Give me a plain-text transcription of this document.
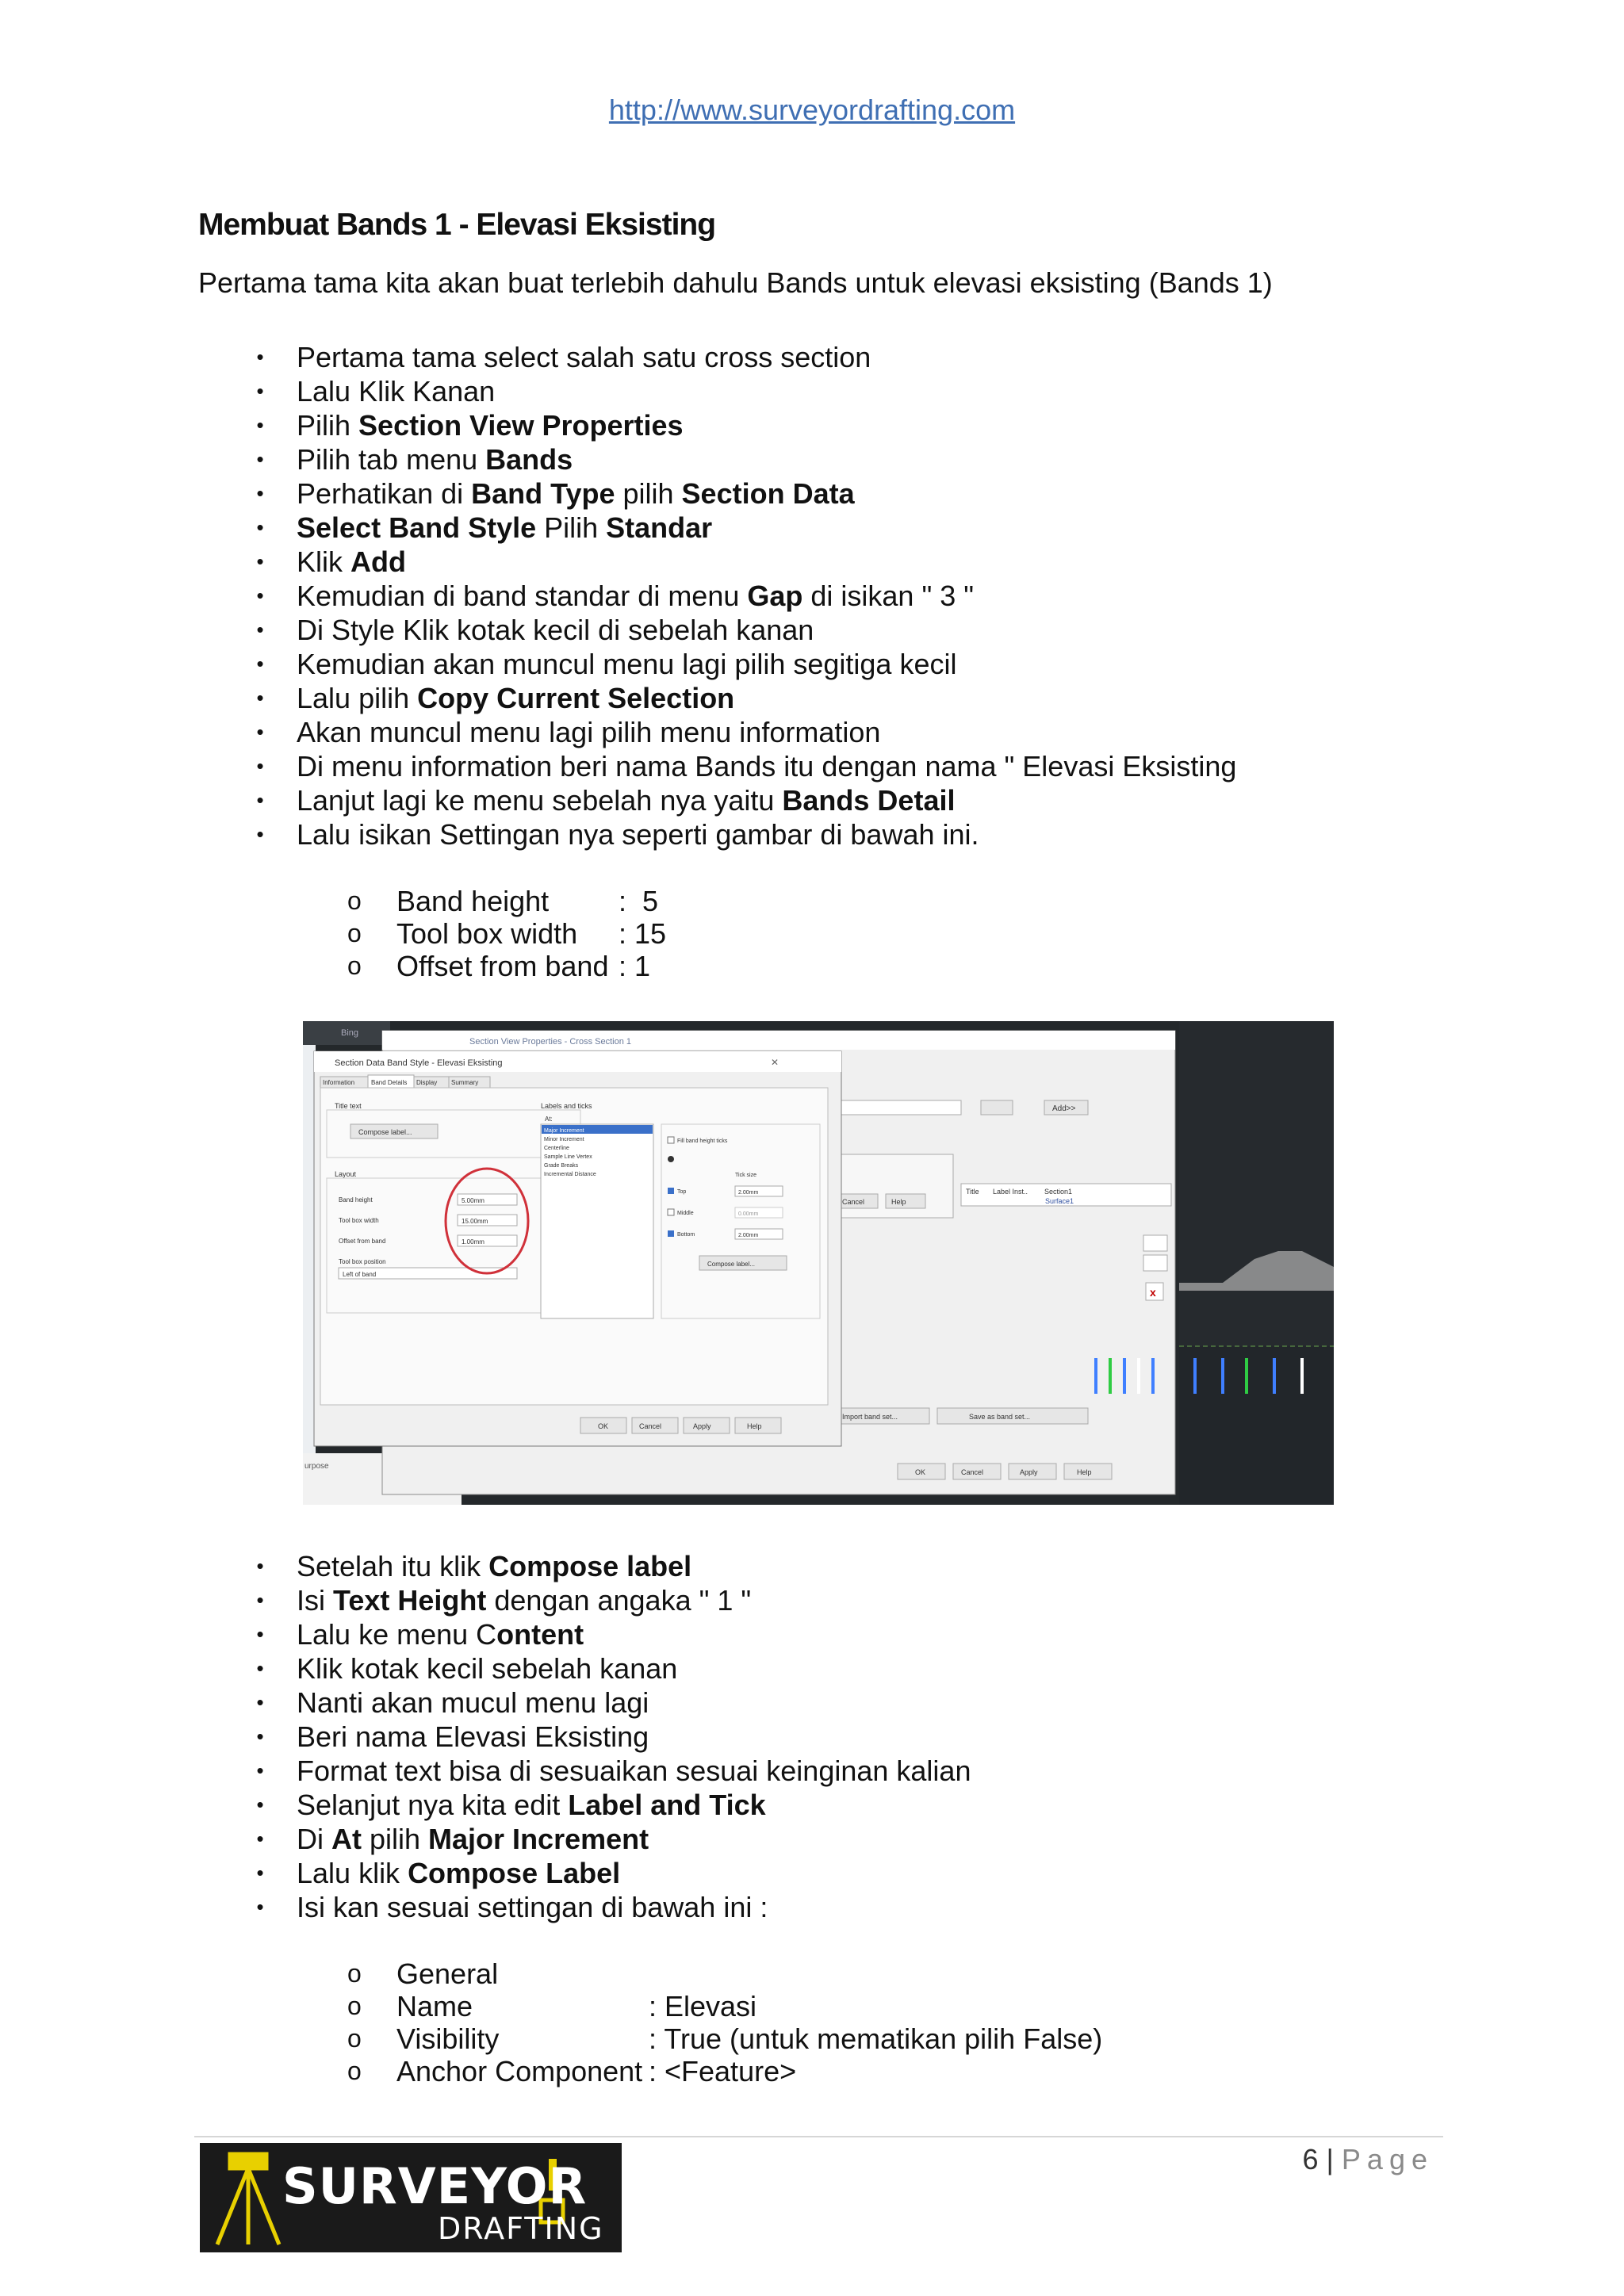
http://www.surveyordrafting.com
Membuat Bands 1 - Elevasi Eksisting
Pertama tama kita akan buat terlebih dahulu Bands untuk elevasi eksisting (Bands 1)
• Pertama tama select salah satu cross section
• Lalu Klik Kanan
• Pilih Section View Properties
• Pilih tab menu Bands
• Perhatikan di Band Type pilih Section Data
• Select Band Style Pilih Standar
• Klik Add
• Kemudian di band standar di menu Gap di isikan " 3 "
• Di Style Klik kotak kecil di sebelah kanan
• Kemudian akan muncul menu lagi pilih segitiga kecil
• Lalu pilih Copy Current Selection
• Akan muncul menu lagi pilih menu information
• Di menu information beri nama Bands itu dengan nama " Elevasi Eksisting
• Lanjut lagi ke menu sebelah nya yaitu Bands Detail
• Lalu isikan Settingan nya seperti gambar di bawah ini.
o Band height :  5
o Tool box width : 15
o Offset from band : 1
Bing
urpose
Section View Properties - Cross Section 1
Add>>
Cancel	Help
Title Label Inst.. Section1
Surface1
x
Import band set...	Save as band set...
OK	Cancel	Apply	Help
Section Data Band Style - Elevasi Eksisting	✕
Information	Band Details Display Summary
Title text
Compose label...
Layout
Band height	5.00mm
Tool box width	15.00mm
Offset from band	1.00mm
Tool box position
Left of band
Labels and ticks
At:
Major Increment
Minor Increment
Centerline
Sample Line Vertex
Grade Breaks
Incremental Distance
Fill band height ticks
Tick size
Top	2.00mm
Middle	0.00mm
Bottom	2.00mm
Compose label...
OK	Cancel	Apply	Help
• Setelah itu klik Compose label
• Isi Text Height dengan angaka " 1 "
• Lalu ke menu Content
• Klik kotak kecil sebelah kanan
• Nanti akan mucul menu lagi
• Beri nama Elevasi Eksisting
• Format text bisa di sesuaikan sesuai keinginan kalian
• Selanjut nya kita edit Label and Tick
• Di At pilih Major Increment
• Lalu klik Compose Label
• Isi kan sesuai settingan di bawah ini :
o General
o Name	: Elevasi
o Visibility	: True (untuk mematikan pilih False)
o Anchor Component : <Feature>
SURVEYOR
DRAFTING
6 | Page
